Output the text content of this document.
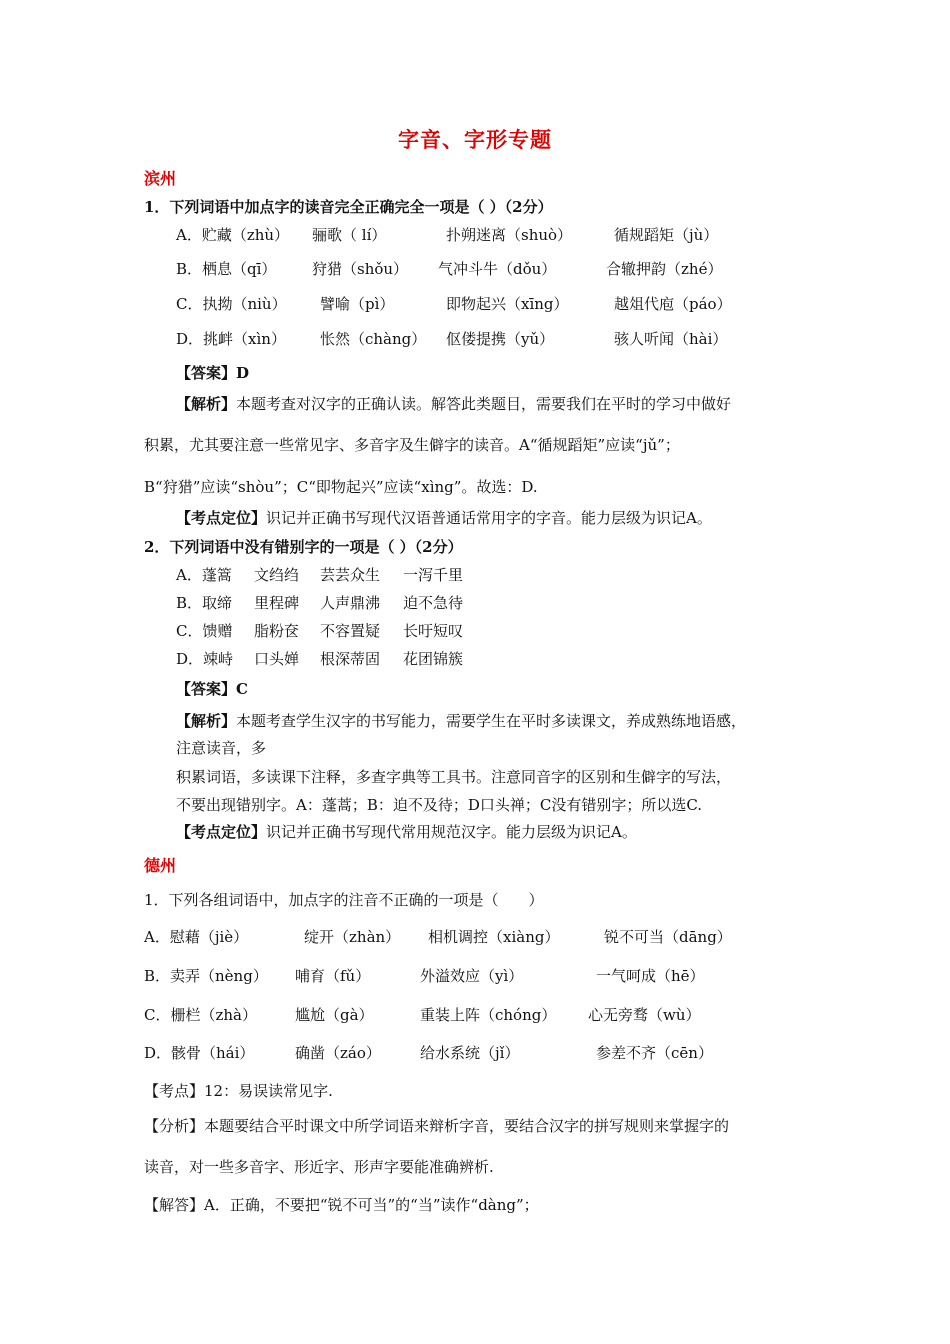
字音、字形专题
滨州
1．下列词语中加点字的读音完全正确完全一项是（ ）（2分）
A．贮藏（zhù） 骊歌（ lí）	扑朔迷离（shuò）	循规蹈矩（jù）
B．栖息（qī） 狩猎（shǒu） 气冲斗牛（dǒu）	合辙押韵（zhé）
C．执拗（niù） 譬喻（pì）	即物起兴（xīng）	越俎代庖（páo）
D．挑衅（xìn） 怅然（chàng） 伛偻提携（yǔ）	骇人听闻（hài）
【答案】D
【解析】本题考查对汉字的正确认读。解答此类题目，需要我们在平时的学习中做好
积累，尤其要注意一些常见字、多音字及生僻字的读音。A“循规蹈矩”应读“jǔ”；
B“狩猎”应读“shòu”；C“即物起兴”应读“xìng”。故选：D.
【考点定位】识记并正确书写现代汉语普通话常用字的字音。能力层级为识记A。
2．下列词语中没有错别字的一项是（ ）（2分）
A．蓬篙 文绉绉 芸芸众生 一泻千里
B．取缔 里程碑 人声鼎沸 迫不急待
C．馈赠 脂粉奁 不容置疑 长吁短叹
D．竦峙 口头婵 根深蒂固 花团锦簇
【答案】C
【解析】本题考查学生汉字的书写能力，需要学生在平时多读课文，养成熟练地语感，
注意读音，多
积累词语，多读课下注释，多查字典等工具书。注意同音字的区别和生僻字的写法，
不要出现错别字。A：蓬蒿；B：迫不及待；D口头禅；C没有错别字；所以选C.
【考点定位】识记并正确书写现代常用规范汉字。能力层级为识记A。
德州
1．下列各组词语中，加点字的注音不正确的一项是（　　）
A．慰藉（jiè）	绽开（zhàn） 相机调控（xiàng）	锐不可当（dāng）
B．卖弄（nèng） 哺育（fǔ）	外溢效应（yì）	一气呵成（hē）
C．栅栏（zhà）	尴尬（gà）	重装上阵（chóng） 心无旁骛（wù）
D．骸骨（hái）	确凿（záo）	给水系统（jǐ）	参差不齐（cēn）
【考点】12：易误读常见字.
【分析】本题要结合平时课文中所学词语来辩析字音，要结合汉字的拼写规则来掌握字的
读音，对一些多音字、形近字、形声字要能准确辨析.
【解答】A．正确，不要把“锐不可当”的“当”读作“dàng”；
